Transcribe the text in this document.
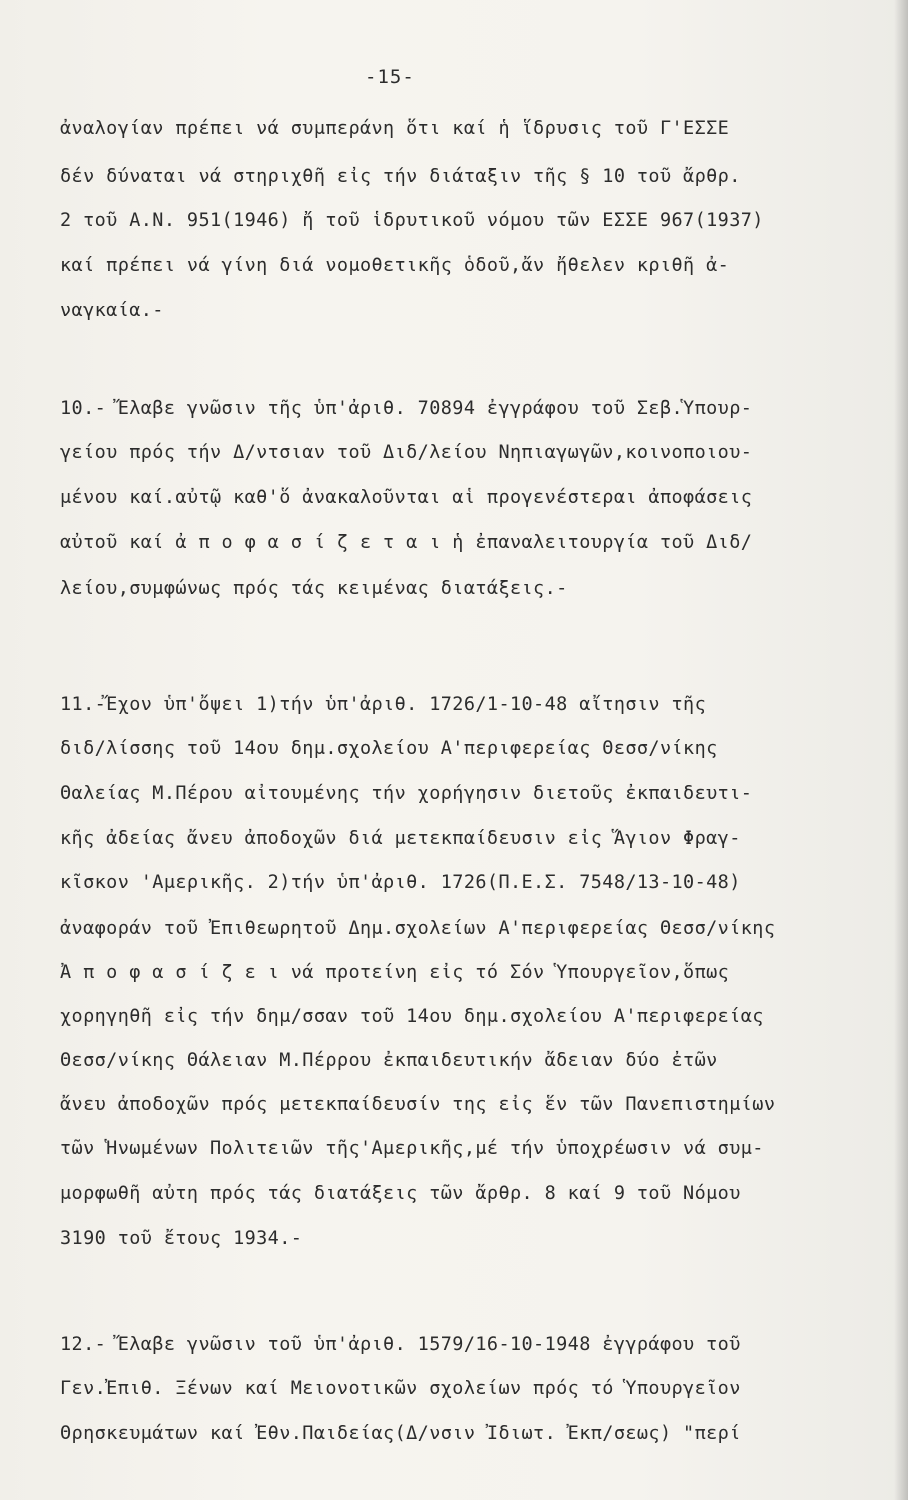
-15-
ἀναλογίαν πρέπει νά συμπεράνη ὅτι καί ἡ ἵδρυσις τοῦ Γ'ΕΣΣΕ
δέν δύναται νά στηριχθῆ εἰς τήν διάταξιν τῆς § 10 τοῦ ἄρθρ.
2 τοῦ Α.Ν. 951(1946) ἤ τοῦ ἱδρυτικοῦ νόμου τῶν ΕΣΣΕ 967(1937)
καί πρέπει νά γίνη διά νομοθετικῆς ὁδοῦ,ἄν ἤθελεν κριθῆ ἀ-
ναγκαία.-
10.- Ἔλαβε γνῶσιν τῆς ὑπ'ἀριθ. 70894 ἐγγράφου τοῦ Σεβ.Ὑπουρ-
γείου πρός τήν Δ/ντσιαν τοῦ Διδ/λείου Νηπιαγωγῶν,κοινοποιου-
μένου καί.αὐτῷ καθ'ὅ ἀνακαλοῦνται αἱ προγενέστεραι ἀποφάσεις
αὐτοῦ καί ἀ π ο φ α σ ί ζ ε τ α ι ἡ ἐπαναλειτουργία τοῦ Διδ/
λείου,συμφώνως πρός τάς κειμένας διατάξεις.-
11.-Ἔχον ὑπ'ὄψει 1)τήν ὑπ'ἀριθ. 1726/1-10-48 αἴτησιν τῆς
διδ/λίσσης τοῦ 14ου δημ.σχολείου Α'περιφερείας Θεσσ/νίκης
Θαλείας Μ.Πέρου αἰτουμένης τήν χορήγησιν διετοῦς ἐκπαιδευτι-
κῆς ἀδείας ἄνευ ἀποδοχῶν διά μετεκπαίδευσιν εἰς Ἅγιον Φραγ-
κῖσκον 'Αμερικῆς. 2)τήν ὑπ'ἀριθ. 1726(Π.Ε.Σ. 7548/13-10-48)
ἀναφοράν τοῦ Ἐπιθεωρητοῦ Δημ.σχολείων Α'περιφερείας Θεσσ/νίκης
Ἀ π ο φ α σ ί ζ ε ι νά προτείνη εἰς τό Σόν Ὑπουργεῖον,ὅπως
χορηγηθῆ εἰς τήν δημ/σσαν τοῦ 14ου δημ.σχολείου Α'περιφερείας
Θεσσ/νίκης Θάλειαν Μ.Πέρρου ἐκπαιδευτικήν ἄδειαν δύο ἐτῶν
ἄνευ ἀποδοχῶν πρός μετεκπαίδευσίν της εἰς ἕν τῶν Πανεπιστημίων
τῶν Ἡνωμένων Πολιτειῶν τῆς'Αμερικῆς,μέ τήν ὑποχρέωσιν νά συμ-
μορφωθῆ αὐτη πρός τάς διατάξεις τῶν ἄρθρ. 8 καί 9 τοῦ Νόμου
3190 τοῦ ἔτους 1934.-
12.- Ἔλαβε γνῶσιν τοῦ ὑπ'ἀριθ. 1579/16-10-1948 ἐγγράφου τοῦ
Γεν.Ἐπιθ. Ξένων καί Μειονοτικῶν σχολείων πρός τό Ὑπουργεῖον
Θρησκευμάτων καί Ἐθν.Παιδείας(Δ/νσιν Ἰδιωτ. Ἐκπ/σεως) "περί
